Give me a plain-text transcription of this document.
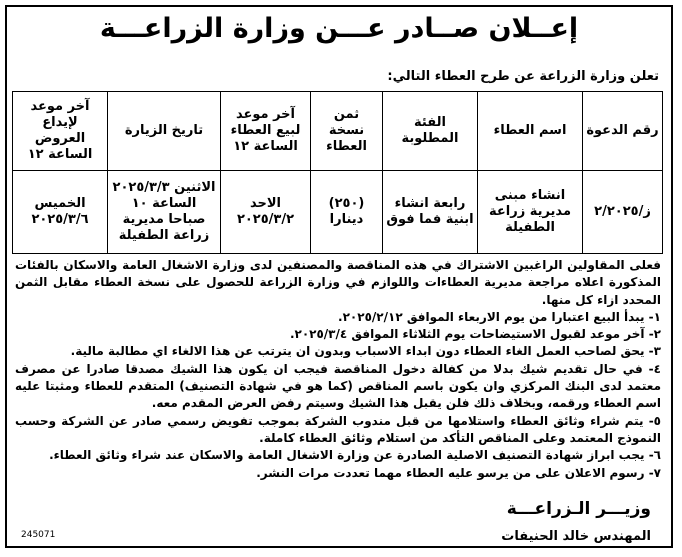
إعــلان صــادر عـــن وزارة الزراعـــة
تعلن وزارة الزراعة عن طرح العطاء التالي:
رقم الدعوة	اسم العطاء	الفئة المطلوبة	ثمن نسخة العطاء	آخر موعد لبيع العطاء الساعة ١٢	تاريخ الزيارة	آخر موعد لإيداع العروض الساعة ١٢
ز/٢/٢٠٢٥	انشاء مبنى مديرية زراعة الطفيلة	رابعة انشاء ابنية فما فوق	(٢٥٠) دينارا	الاحد ٢٠٢٥/٣/٢	الاثنين ٢٠٢٥/٣/٣ الساعة ١٠ صباحا مديرية زراعة الطفيلة	الخميس ٢٠٢٥/٣/٦

فعلى المقاولين الراغبين الاشتراك في هذه المناقصة والمصنفين لدى وزارة الاشغال العامة والاسكان بالفئات المذكورة اعلاه مراجعة مديرية العطاءات واللوازم في وزارة الزراعة للحصول على نسخة العطاء مقابل الثمن المحدد ازاء كل منها.

١- يبدأ البيع اعتبارا من يوم الاربعاء الموافق ٢٠٢٥/٢/١٢.

٢- آخر موعد لقبول الاستيضاحات يوم الثلاثاء الموافق ٢٠٢٥/٣/٤.

٣- يحق لصاحب العمل الغاء العطاء دون ابداء الاسباب وبدون ان يترتب عن هذا الالغاء اي مطالبة مالية.

٤- في حال تقديم شيك بدلا من كفالة دخول المناقصة فيجب ان يكون هذا الشيك مصدقا صادرا عن مصرف معتمد لدى البنك المركزي وان يكون باسم المناقص (كما هو في شهادة التصنيف) المتقدم للعطاء ومثبتا عليه اسم العطاء ورقمه، وبخلاف ذلك فلن يقبل هذا الشيك وسيتم رفض العرض المقدم معه.

٥- يتم شراء وثائق العطاء واستلامها من قبل مندوب الشركة بموجب تفويض رسمي صادر عن الشركة وحسب النموذج المعتمد وعلى المناقص التأكد من استلام وثائق العطاء كاملة.

٦- يجب ابراز شهادة التصنيف الاصلية الصادرة عن وزارة الاشغال العامة والاسكان عند شراء وثائق العطاء.

٧- رسوم الاعلان على من يرسو عليه العطاء مهما تعددت مرات النشر.

وزيـــر الـزراعـــة
المهندس خالد الحنيفات
245071
